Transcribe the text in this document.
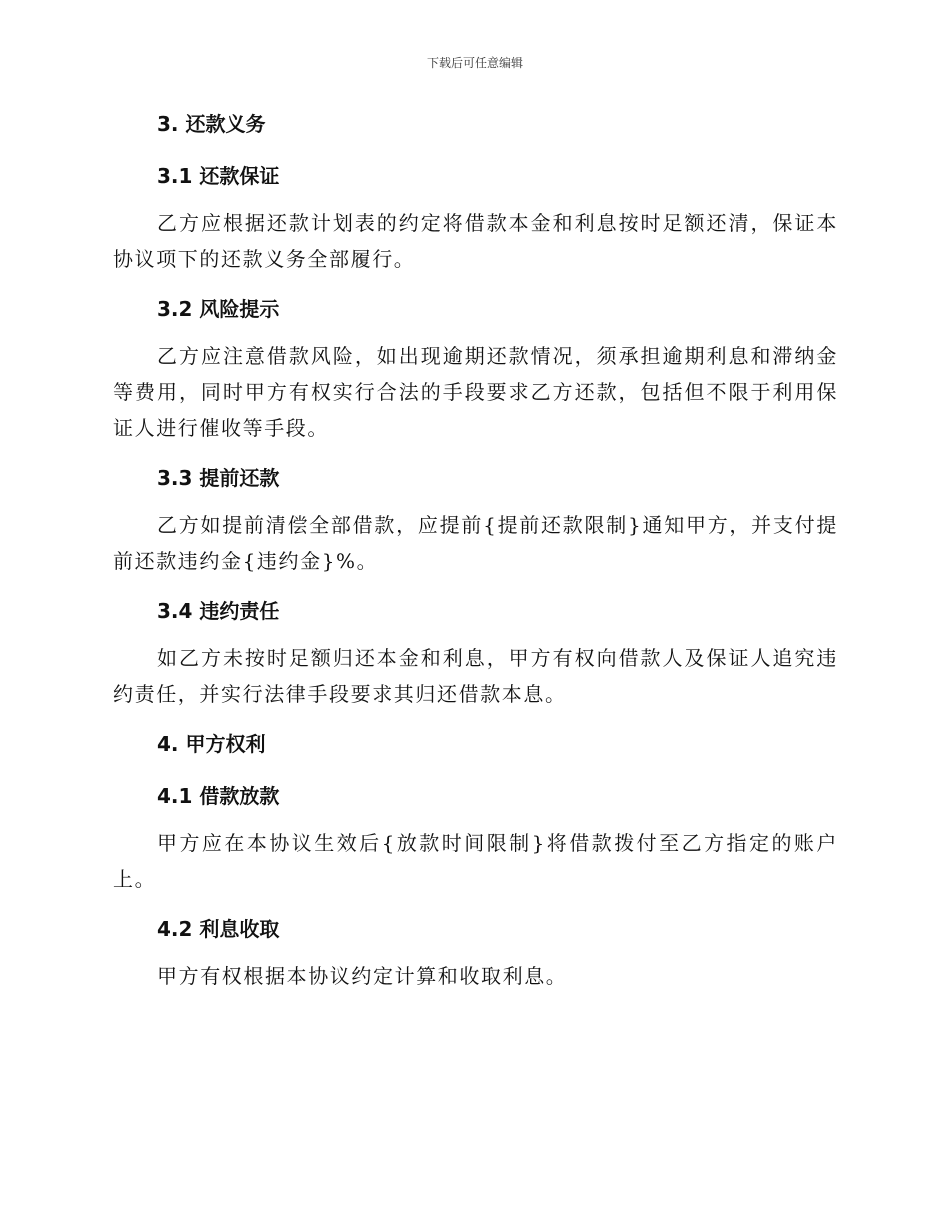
下载后可任意编辑
3. 还款义务
3.1 还款保证

乙方应根据还款计划表的约定将借款本金和利息按时足额还清，保证本协议项下的还款义务全部履行。

3.2 风险提示

乙方应注意借款风险，如出现逾期还款情况，须承担逾期利息和滞纳金等费用，同时甲方有权实行合法的手段要求乙方还款，包括但不限于利用保证人进行催收等手段。

3.3 提前还款

乙方如提前清偿全部借款，应提前{提前还款限制}通知甲方，并支付提前还款违约金{违约金}%。

3.4 违约责任

如乙方未按时足额归还本金和利息，甲方有权向借款人及保证人追究违约责任，并实行法律手段要求其归还借款本息。

4. 甲方权利
4.1 借款放款

甲方应在本协议生效后{放款时间限制}将借款拨付至乙方指定的账户上。

4.2 利息收取

甲方有权根据本协议约定计算和收取利息。
